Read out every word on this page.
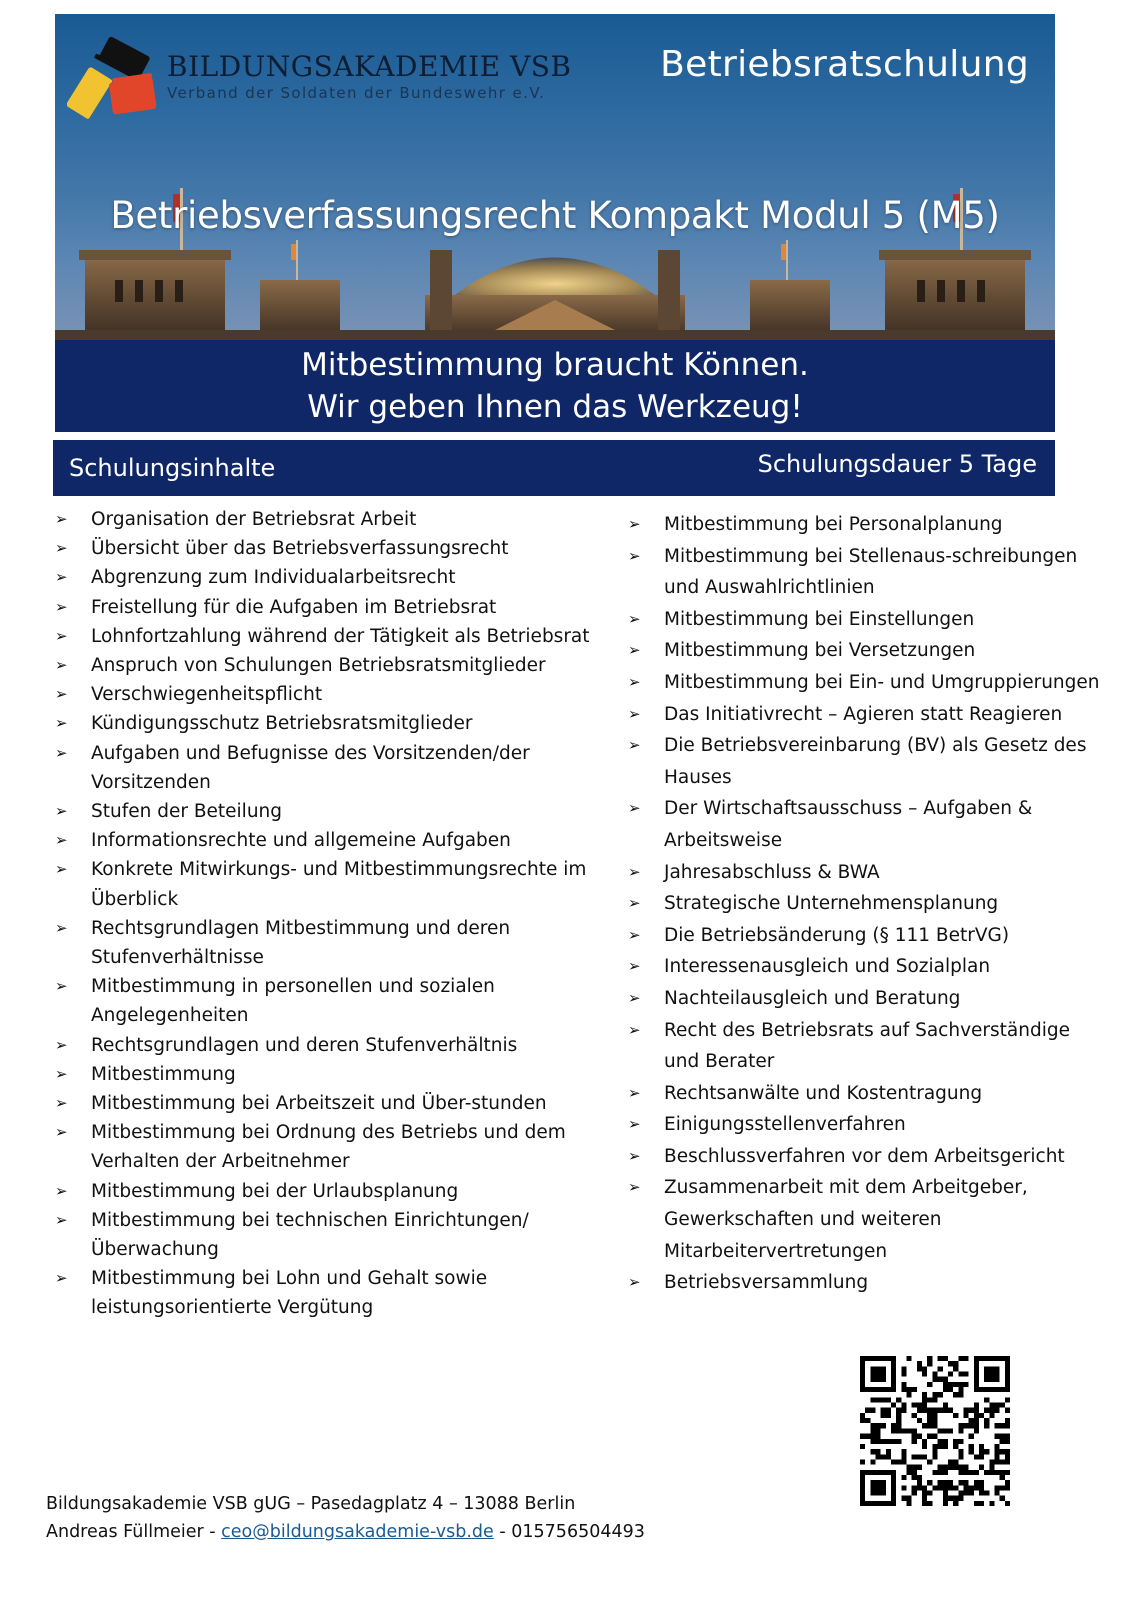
BILDUNGSAKADEMIE VSB
Verband der Soldaten der Bundeswehr e.V.
Betriebsratschulung
Betriebsverfassungsrecht Kompakt Modul 5 (M5)
Mitbestimmung braucht Können.
Wir geben Ihnen das Werkzeug!
Schulungsinhalte	Schulungsdauer 5 Tage
➢ Organisation der Betriebsrat Arbeit
➢ Übersicht über das Betriebsverfassungsrecht
➢ Abgrenzung zum Individualarbeitsrecht
➢ Freistellung für die Aufgaben im Betriebsrat
➢ Lohnfortzahlung während der Tätigkeit als Betriebsrat
➢ Anspruch von Schulungen Betriebsratsmitglieder
➢ Verschwiegenheitspflicht
➢ Kündigungsschutz Betriebsratsmitglieder
➢ Aufgaben und Befugnisse des Vorsitzenden/der Vorsitzenden
➢ Stufen der Beteilung
➢ Informationsrechte und allgemeine Aufgaben
➢ Konkrete Mitwirkungs- und Mitbestimmungsrechte im Überblick
➢ Rechtsgrundlagen Mitbestimmung und deren Stufenverhältnisse
➢ Mitbestimmung in personellen und sozialen Angelegenheiten
➢ Rechtsgrundlagen und deren Stufenverhältnis
➢ Mitbestimmung
➢ Mitbestimmung bei Arbeitszeit und Über-stunden
➢ Mitbestimmung bei Ordnung des Betriebs und dem Verhalten der Arbeitnehmer
➢ Mitbestimmung bei der Urlaubsplanung
➢ Mitbestimmung bei technischen Einrichtungen/ Überwachung
➢ Mitbestimmung bei Lohn und Gehalt sowie leistungsorientierte Vergütung
➢ Mitbestimmung bei Personalplanung
➢ Mitbestimmung bei Stellenaus-schreibungen und Auswahlrichtlinien
➢ Mitbestimmung bei Einstellungen
➢ Mitbestimmung bei Versetzungen
➢ Mitbestimmung bei Ein- und Umgruppierungen
➢ Das Initiativrecht – Agieren statt Reagieren
➢ Die Betriebsvereinbarung (BV) als Gesetz des Hauses
➢ Der Wirtschaftsausschuss – Aufgaben & Arbeitsweise
➢ Jahresabschluss & BWA
➢ Strategische Unternehmensplanung
➢ Die Betriebsänderung (§ 111 BetrVG)
➢ Interessenausgleich und Sozialplan
➢ Nachteilausgleich und Beratung
➢ Recht des Betriebsrats auf Sachverständige und Berater
➢ Rechtsanwälte und Kostentragung
➢ Einigungsstellenverfahren
➢ Beschlussverfahren vor dem Arbeitsgericht
➢ Zusammenarbeit mit dem Arbeitgeber, Gewerkschaften und weiteren Mitarbeitervertretungen
➢ Betriebsversammlung
Bildungsakademie VSB gUG – Pasedagplatz 4 – 13088 Berlin
Andreas Füllmeier - ceo@bildungsakademie-vsb.de - 015756504493
